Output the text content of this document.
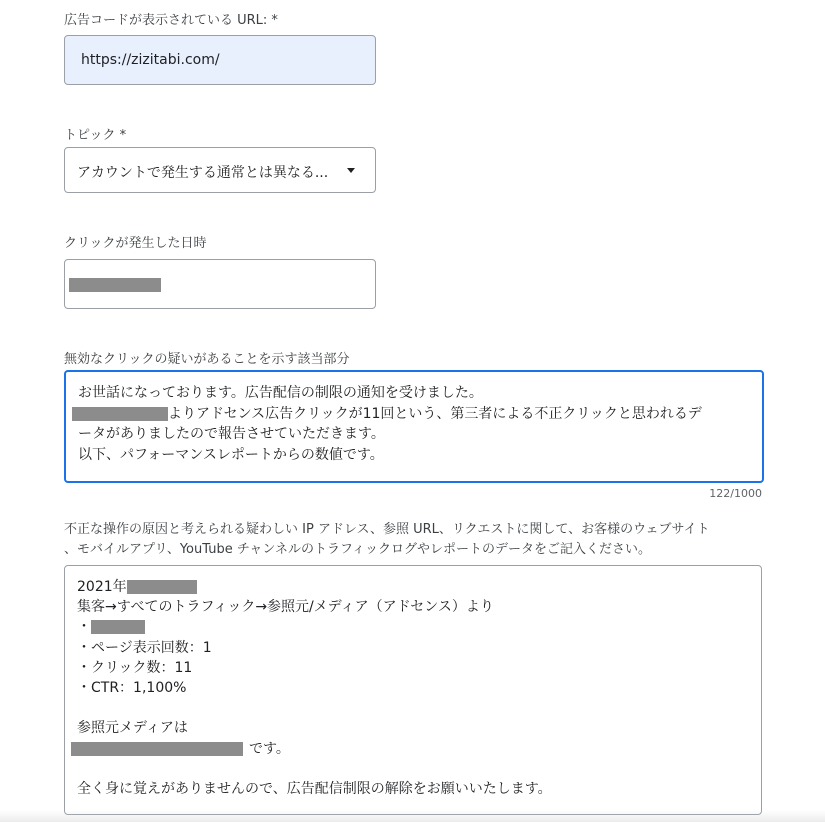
広告コードが表示されている URL: *
https://zizitabi.com/
トピック *
アカウントで発生する通常とは異なる...
クリックが発生した日時
無効なクリックの疑いがあることを示す該当部分
お世話になっております。広告配信の制限の通知を受けました。
よりアドセンス広告クリックが11回という、第三者による不正クリックと思われるデ
ータがありましたので報告させていただきます。
以下、パフォーマンスレポートからの数値です。
122/1000
不正な操作の原因と考えられる疑わしい IP アドレス、参照 URL、リクエストに関して、お客様のウェブサイト
、モバイルアプリ、YouTube チャンネルのトラフィックログやレポートのデータをご記入ください。
2021年
集客→すべてのトラフィック→参照元/メディア（アドセンス）より
・
・ページ表示回数：1
・クリック数：11
・CTR：1,100%
参照元メディアは
です。
全く身に覚えがありませんので、広告配信制限の解除をお願いいたします。
